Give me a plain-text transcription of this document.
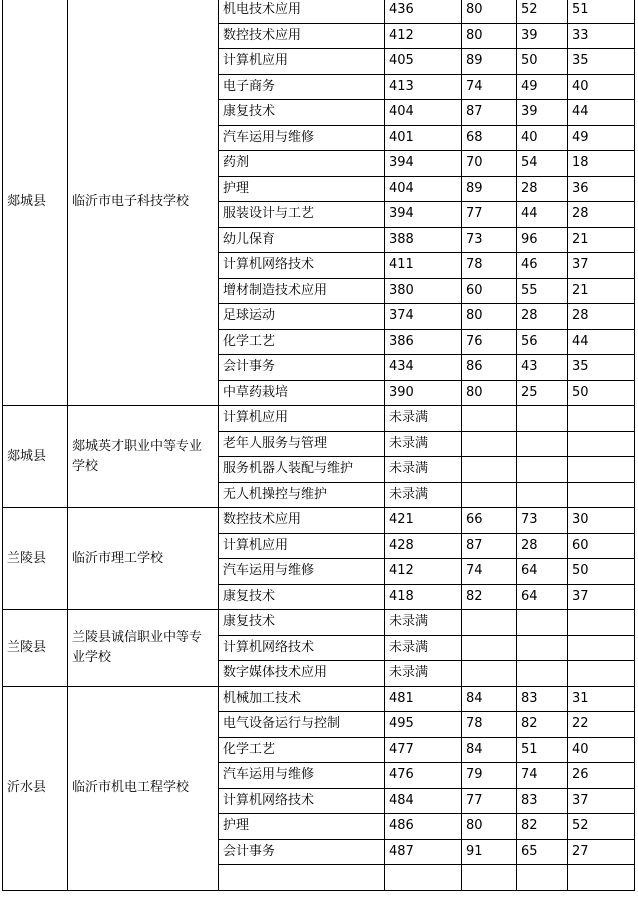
郯城县	临沂市电子科技学校	机电技术应用	436	80	52	51
		数控技术应用	412	80	39	33
		计算机应用	405	89	50	35
		电子商务	413	74	49	40
		康复技术	404	87	39	44
		汽车运用与维修	401	68	40	49
		药剂	394	70	54	18
		护理	404	89	28	36
		服装设计与工艺	394	77	44	28
		幼儿保育	388	73	96	21
		计算机网络技术	411	78	46	37
		增材制造技术应用	380	60	55	21
		足球运动	374	80	28	28
		化学工艺	386	76	56	44
		会计事务	434	86	43	35
		中草药栽培	390	80	25	50
郯城县	郯城英才职业中等专业学校	计算机应用	未录满			
		老年人服务与管理	未录满			
		服务机器人装配与维护	未录满			
		无人机操控与维护	未录满			
兰陵县	临沂市理工学校	数控技术应用	421	66	73	30
		计算机应用	428	87	28	60
		汽车运用与维修	412	74	64	50
		康复技术	418	82	64	37
兰陵县	兰陵县诚信职业中等专业学校	康复技术	未录满			
		计算机网络技术	未录满			
		数字媒体技术应用	未录满			
沂水县	临沂市机电工程学校	机械加工技术	481	84	83	31
		电气设备运行与控制	495	78	82	22
		化学工艺	477	84	51	40
		汽车运用与维修	476	79	74	26
		计算机网络技术	484	77	83	37
		护理	486	80	82	52
		会计事务	487	91	65	27
